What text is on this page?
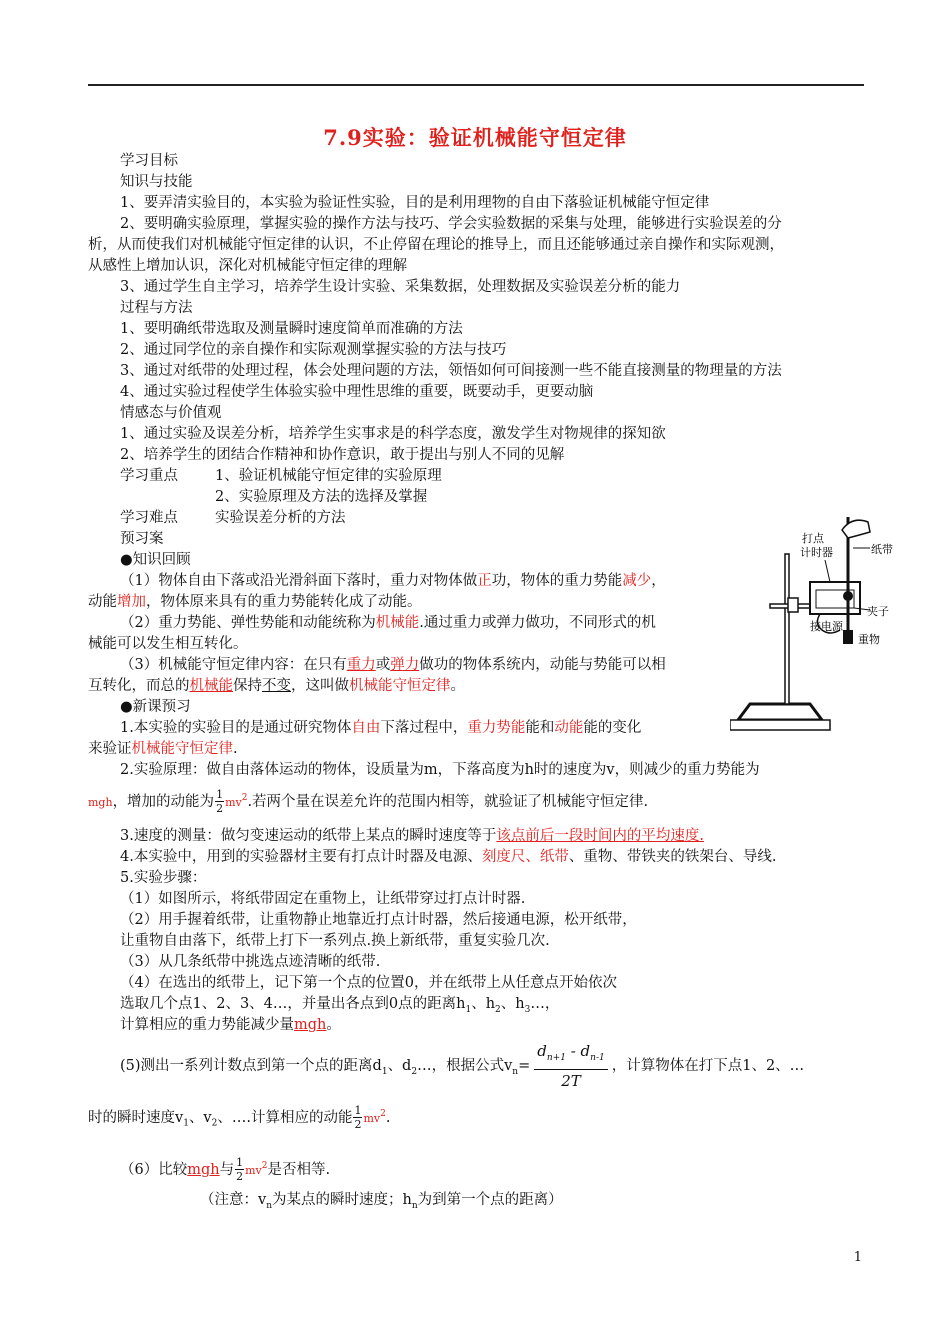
7.9实验：验证机械能守恒定律
学习目标
知识与技能
1、要弄清实验目的，本实验为验证性实验，目的是利用理物的自由下落验证机械能守恒定律
2、要明确实验原理，掌握实验的操作方法与技巧、学会实验数据的采集与处理，能够进行实验误差的分
析，从而使我们对机械能守恒定律的认识，不止停留在理论的推导上，而且还能够通过亲自操作和实际观测，
从感性上增加认识，深化对机械能守恒定律的理解
3、通过学生自主学习，培养学生设计实验、采集数据，处理数据及实验误差分析的能力
过程与方法
1、要明确纸带选取及测量瞬时速度简单而准确的方法
2、通过同学位的亲自操作和实际观测掌握实验的方法与技巧
3、通过对纸带的处理过程，体会处理问题的方法，领悟如何可间接测一些不能直接测量的物理量的方法
4、通过实验过程使学生体验实验中理性思维的重要，既要动手，更要动脑
情感态与价值观
1、通过实验及误差分析，培养学生实事求是的科学态度，激发学生对物规律的探知欲
2、培养学生的团结合作精神和协作意识，敢于提出与别人不同的见解
学习重点	1、验证机械能守恒定律的实验原理
2、实验原理及方法的选择及掌握
学习难点	实验误差分析的方法
预习案
●知识回顾
（1）物体自由下落或沿光滑斜面下落时，重力对物体做正功，物体的重力势能减少，
动能增加，物体原来具有的重力势能转化成了动能。
（2）重力势能、弹性势能和动能统称为机械能.通过重力或弹力做功，不同形式的机
械能可以发生相互转化。
（3）机械能守恒定律内容：在只有重力或弹力做功的物体系统内，动能与势能可以相
互转化，而总的机械能保持不变，这叫做机械能守恒定律。
●新课预习
1.本实验的实验目的是通过研究物体自由下落过程中，重力势能能和动能能的变化
来验证机械能守恒定律.
2.实验原理：做自由落体运动的物体，设质量为m，下落高度为h时的速度为v，则减少的重力势能为
mgh，增加的动能为 $\frac{1}{2} mv^2$.若两个量在误差允许的范围内相等，就验证了机械能守恒定律.
3.速度的测量：做匀变速运动的纸带上某点的瞬时速度等于该点前后一段时间内的平均速度.
4.本实验中，用到的实验器材主要有打点计时器及电源、刻度尺、纸带、重物、带铁夹的铁架台、导线.
5.实验步骤：
（1）如图所示，将纸带固定在重物上，让纸带穿过打点计时器.
（2）用手握着纸带，让重物静止地靠近打点计时器，然后接通电源，松开纸带，
让重物自由落下，纸带上打下一系列点.换上新纸带，重复实验几次.
（3）从几条纸带中挑选点迹清晰的纸带.
（4）在选出的纸带上，记下第一个点的位置0，并在纸带上从任意点开始依次
选取几个点1、2、3、4…，并量出各点到0点的距离$h_1$、$h_2$、$h_3\dots$，
计算相应的重力势能减少量mgh。
(5)测出一系列计数点到第一个点的距离$d_1$、$d_2\dots$，根据公式$v_n= \frac{d_{n+1} - d_{n-1}}{2T}$ ，计算物体在打下点1、2、…
时的瞬时速度$v_1$、$v_2$、….计算相应的动能 $\frac{1}{2} mv^2$.
（6）比较mgh与 $\frac{1}{2} mv^2$是否相等.
（注意：$v_n$为某点的瞬时速度；$h_n$为到第一个点的距离）
打点
计时器	纸带
夹子
接电源
重物
1
